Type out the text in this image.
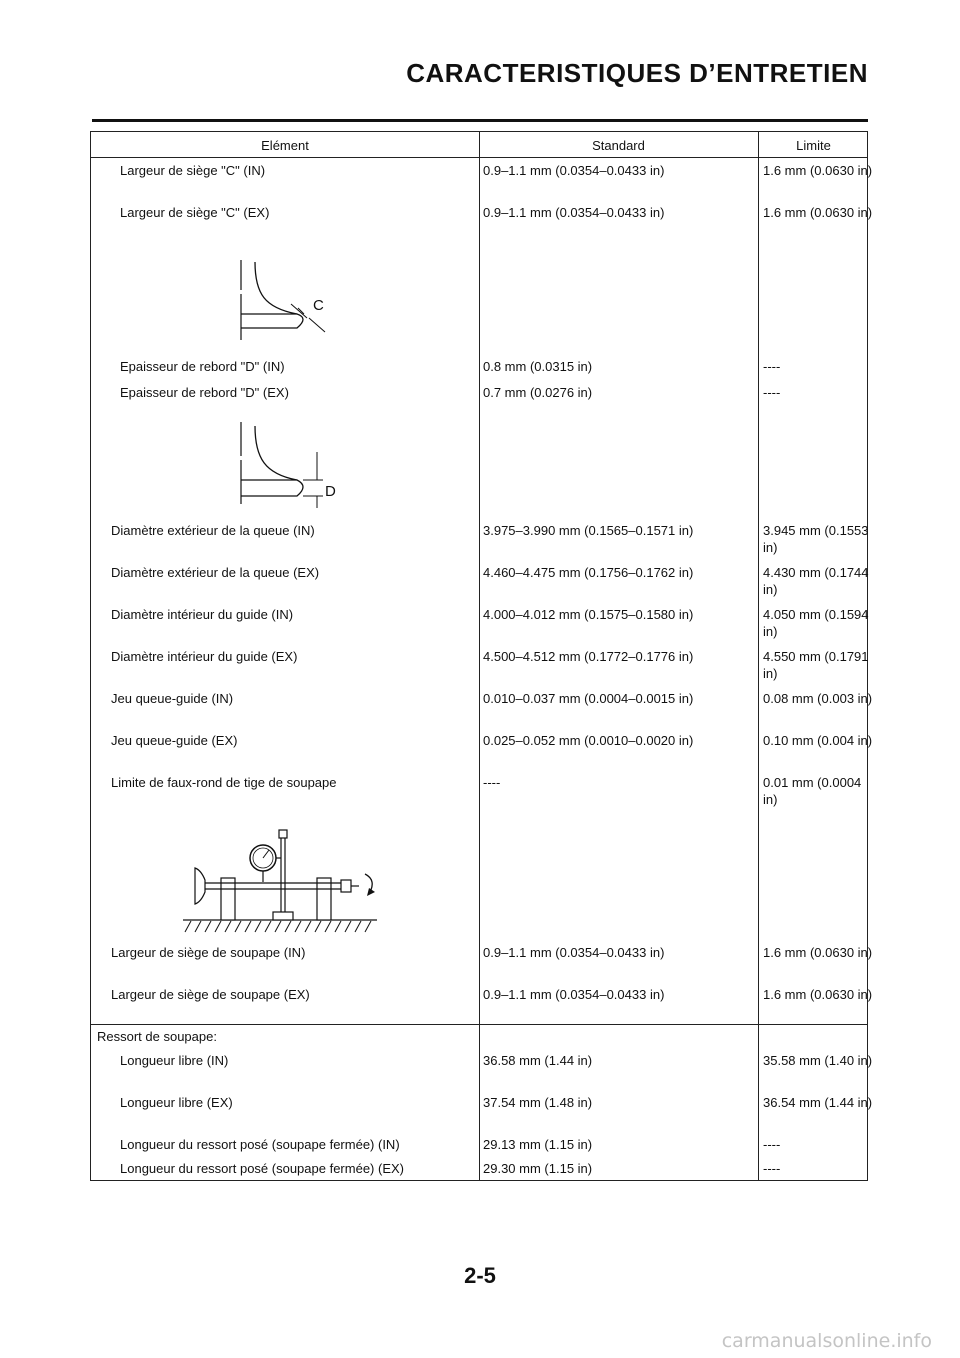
CARACTERISTIQUES D’ENTRETIEN
Elément	Standard	Limite
Largeur de siège "C" (IN)	0.9–1.1 mm (0.0354–0.0433 in)	1.6 mm (0.0630 in)
Largeur de siège "C" (EX)	0.9–1.1 mm (0.0354–0.0433 in)	1.6 mm (0.0630 in)
C
Epaisseur de rebord "D" (IN)	0.8 mm (0.0315 in)	----
Epaisseur de rebord "D" (EX)	0.7 mm (0.0276 in)	----
D
Diamètre extérieur de la queue (IN)	3.975–3.990 mm (0.1565–0.1571 in)	3.945 mm (0.1553 in)
Diamètre extérieur de la queue (EX)	4.460–4.475 mm (0.1756–0.1762 in)	4.430 mm (0.1744 in)
Diamètre intérieur du guide (IN)	4.000–4.012 mm (0.1575–0.1580 in)	4.050 mm (0.1594 in)
Diamètre intérieur du guide (EX)	4.500–4.512 mm (0.1772–0.1776 in)	4.550 mm (0.1791 in)
Jeu queue-guide (IN)	0.010–0.037 mm (0.0004–0.0015 in)	0.08 mm (0.003 in)
Jeu queue-guide (EX)	0.025–0.052 mm (0.0010–0.0020 in)	0.10 mm (0.004 in)
Limite de faux-rond de tige de soupape	----	0.01 mm (0.0004 in)
Largeur de siège de soupape (IN)	0.9–1.1 mm (0.0354–0.0433 in)	1.6 mm (0.0630 in)
Largeur de siège de soupape (EX)	0.9–1.1 mm (0.0354–0.0433 in)	1.6 mm (0.0630 in)
Ressort de soupape:
Longueur libre (IN)	36.58 mm (1.44 in)	35.58 mm (1.40 in)
Longueur libre (EX)	37.54 mm (1.48 in)	36.54 mm (1.44 in)
Longueur du ressort posé (soupape fermée) (IN)	29.13 mm (1.15 in)	----
Longueur du ressort posé (soupape fermée) (EX)	29.30 mm (1.15 in)	----
2-5
carmanualsonline.info
